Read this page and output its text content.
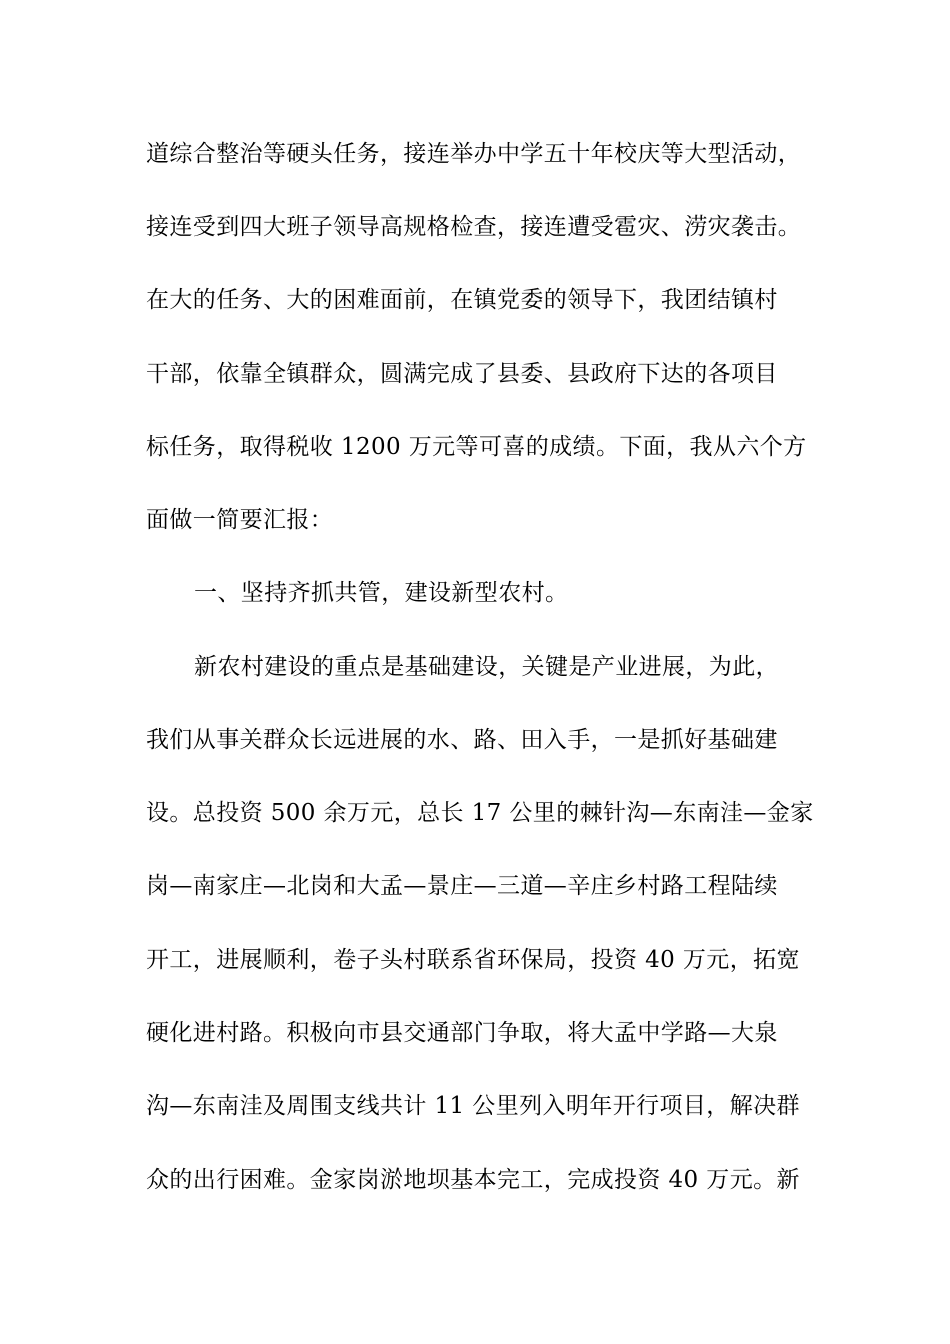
道综合整治等硬头任务，接连举办中学五十年校庆等大型活动，
接连受到四大班子领导高规格检查，接连遭受雹灾、涝灾袭击。
在大的任务、大的困难面前，在镇党委的领导下，我团结镇村
干部，依靠全镇群众，圆满完成了县委、县政府下达的各项目
标任务，取得税收 1200 万元等可喜的成绩。下面，我从六个方
面做一简要汇报：
一、坚持齐抓共管，建设新型农村。
新农村建设的重点是基础建设，关键是产业进展，为此，
我们从事关群众长远进展的水、路、田入手，一是抓好基础建
设。总投资 500 余万元，总长 17 公里的棘针沟—东南洼—金家
岗—南家庄—北岗和大孟—景庄—三道—辛庄乡村路工程陆续
开工，进展顺利，卷子头村联系省环保局，投资 40 万元，拓宽
硬化进村路。积极向市县交通部门争取，将大孟中学路—大泉
沟—东南洼及周围支线共计 11 公里列入明年开行项目，解决群
众的出行困难。金家岗淤地坝基本完工，完成投资 40 万元。新
